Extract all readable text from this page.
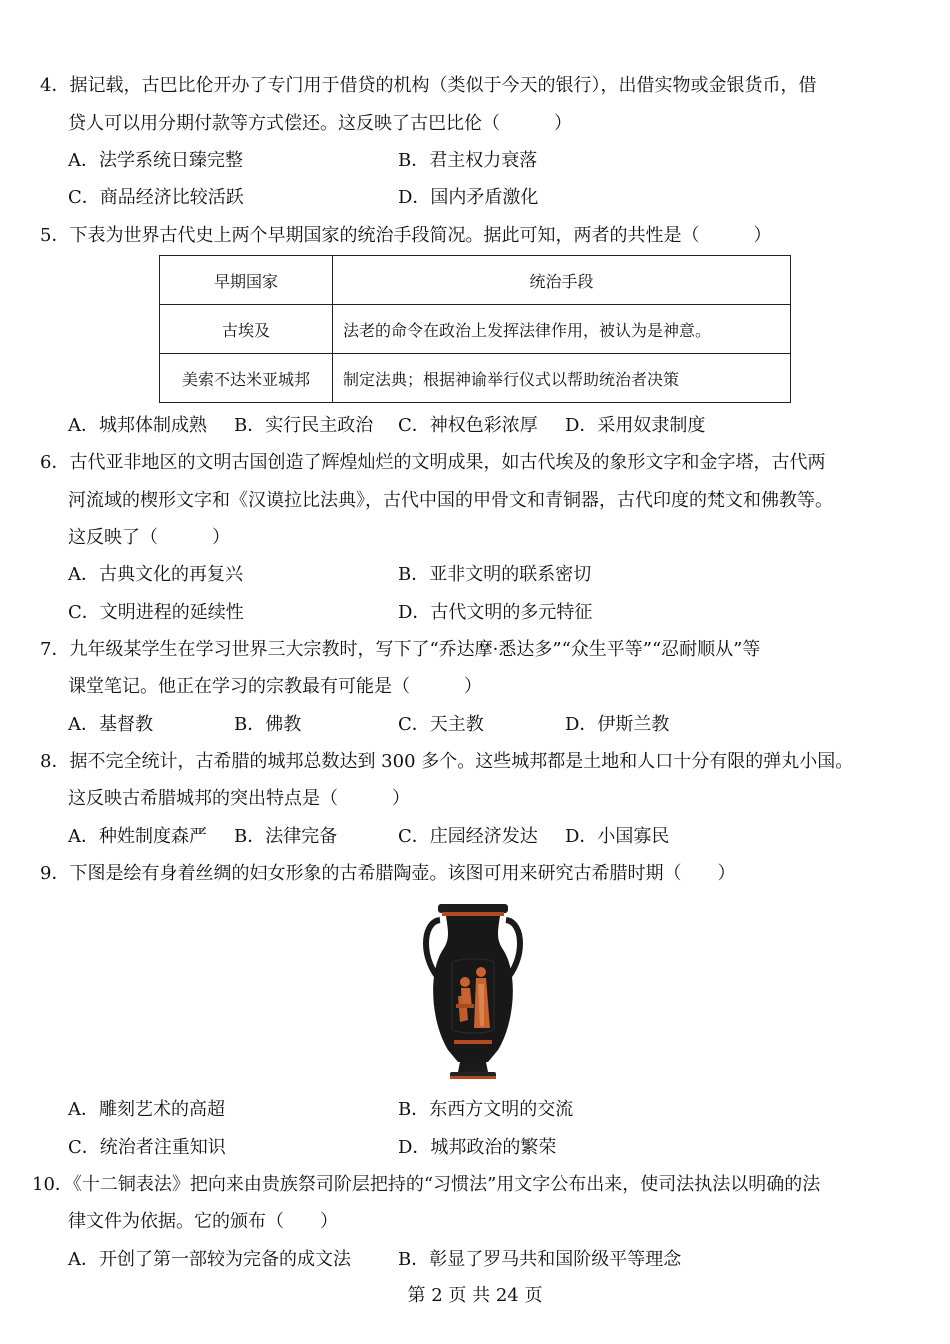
4．据记载，古巴比伦开办了专门用于借贷的机构（类似于今天的银行），出借实物或金银货币，借
贷人可以用分期付款等方式偿还。这反映了古巴比伦（　　　）
A．法学系统日臻完整	B．君主权力衰落
C．商品经济比较活跃	D．国内矛盾激化
5．下表为世界古代史上两个早期国家的统治手段简况。据此可知，两者的共性是（　　　）
早期国家	统治手段
古埃及	法老的命令在政治上发挥法律作用，被认为是神意。
美索不达米亚城邦	制定法典；根据神谕举行仪式以帮助统治者决策
A．城邦体制成熟 B．实行民主政治 C．神权色彩浓厚 D．采用奴隶制度
6．古代亚非地区的文明古国创造了辉煌灿烂的文明成果，如古代埃及的象形文字和金字塔，古代两
河流域的楔形文字和《汉谟拉比法典》，古代中国的甲骨文和青铜器，古代印度的梵文和佛教等。
这反映了（　　　）
A．古典文化的再复兴	B．亚非文明的联系密切
C．文明进程的延续性	D．古代文明的多元特征
7．九年级某学生在学习世界三大宗教时，写下了“乔达摩·悉达多”“众生平等”“忍耐顺从”等
课堂笔记。他正在学习的宗教最有可能是（　　　）
A．基督教	B．佛教	C．天主教	D．伊斯兰教
8．据不完全统计，古希腊的城邦总数达到 300 多个。这些城邦都是土地和人口十分有限的弹丸小国。
这反映古希腊城邦的突出特点是（　　　）
A．种姓制度森严 B．法律完备	C．庄园经济发达 D．小国寡民
9．下图是绘有身着丝绸的妇女形象的古希腊陶壶。该图可用来研究古希腊时期（　　）
A．雕刻艺术的高超	B．东西方文明的交流
C．统治者注重知识	D．城邦政治的繁荣
10．《十二铜表法》把向来由贵族祭司阶层把持的“习惯法”用文字公布出来，使司法执法以明确的法
律文件为依据。它的颁布（　　）
A．开创了第一部较为完备的成文法	B．彰显了罗马共和国阶级平等理念
第 2 页 共 24 页
